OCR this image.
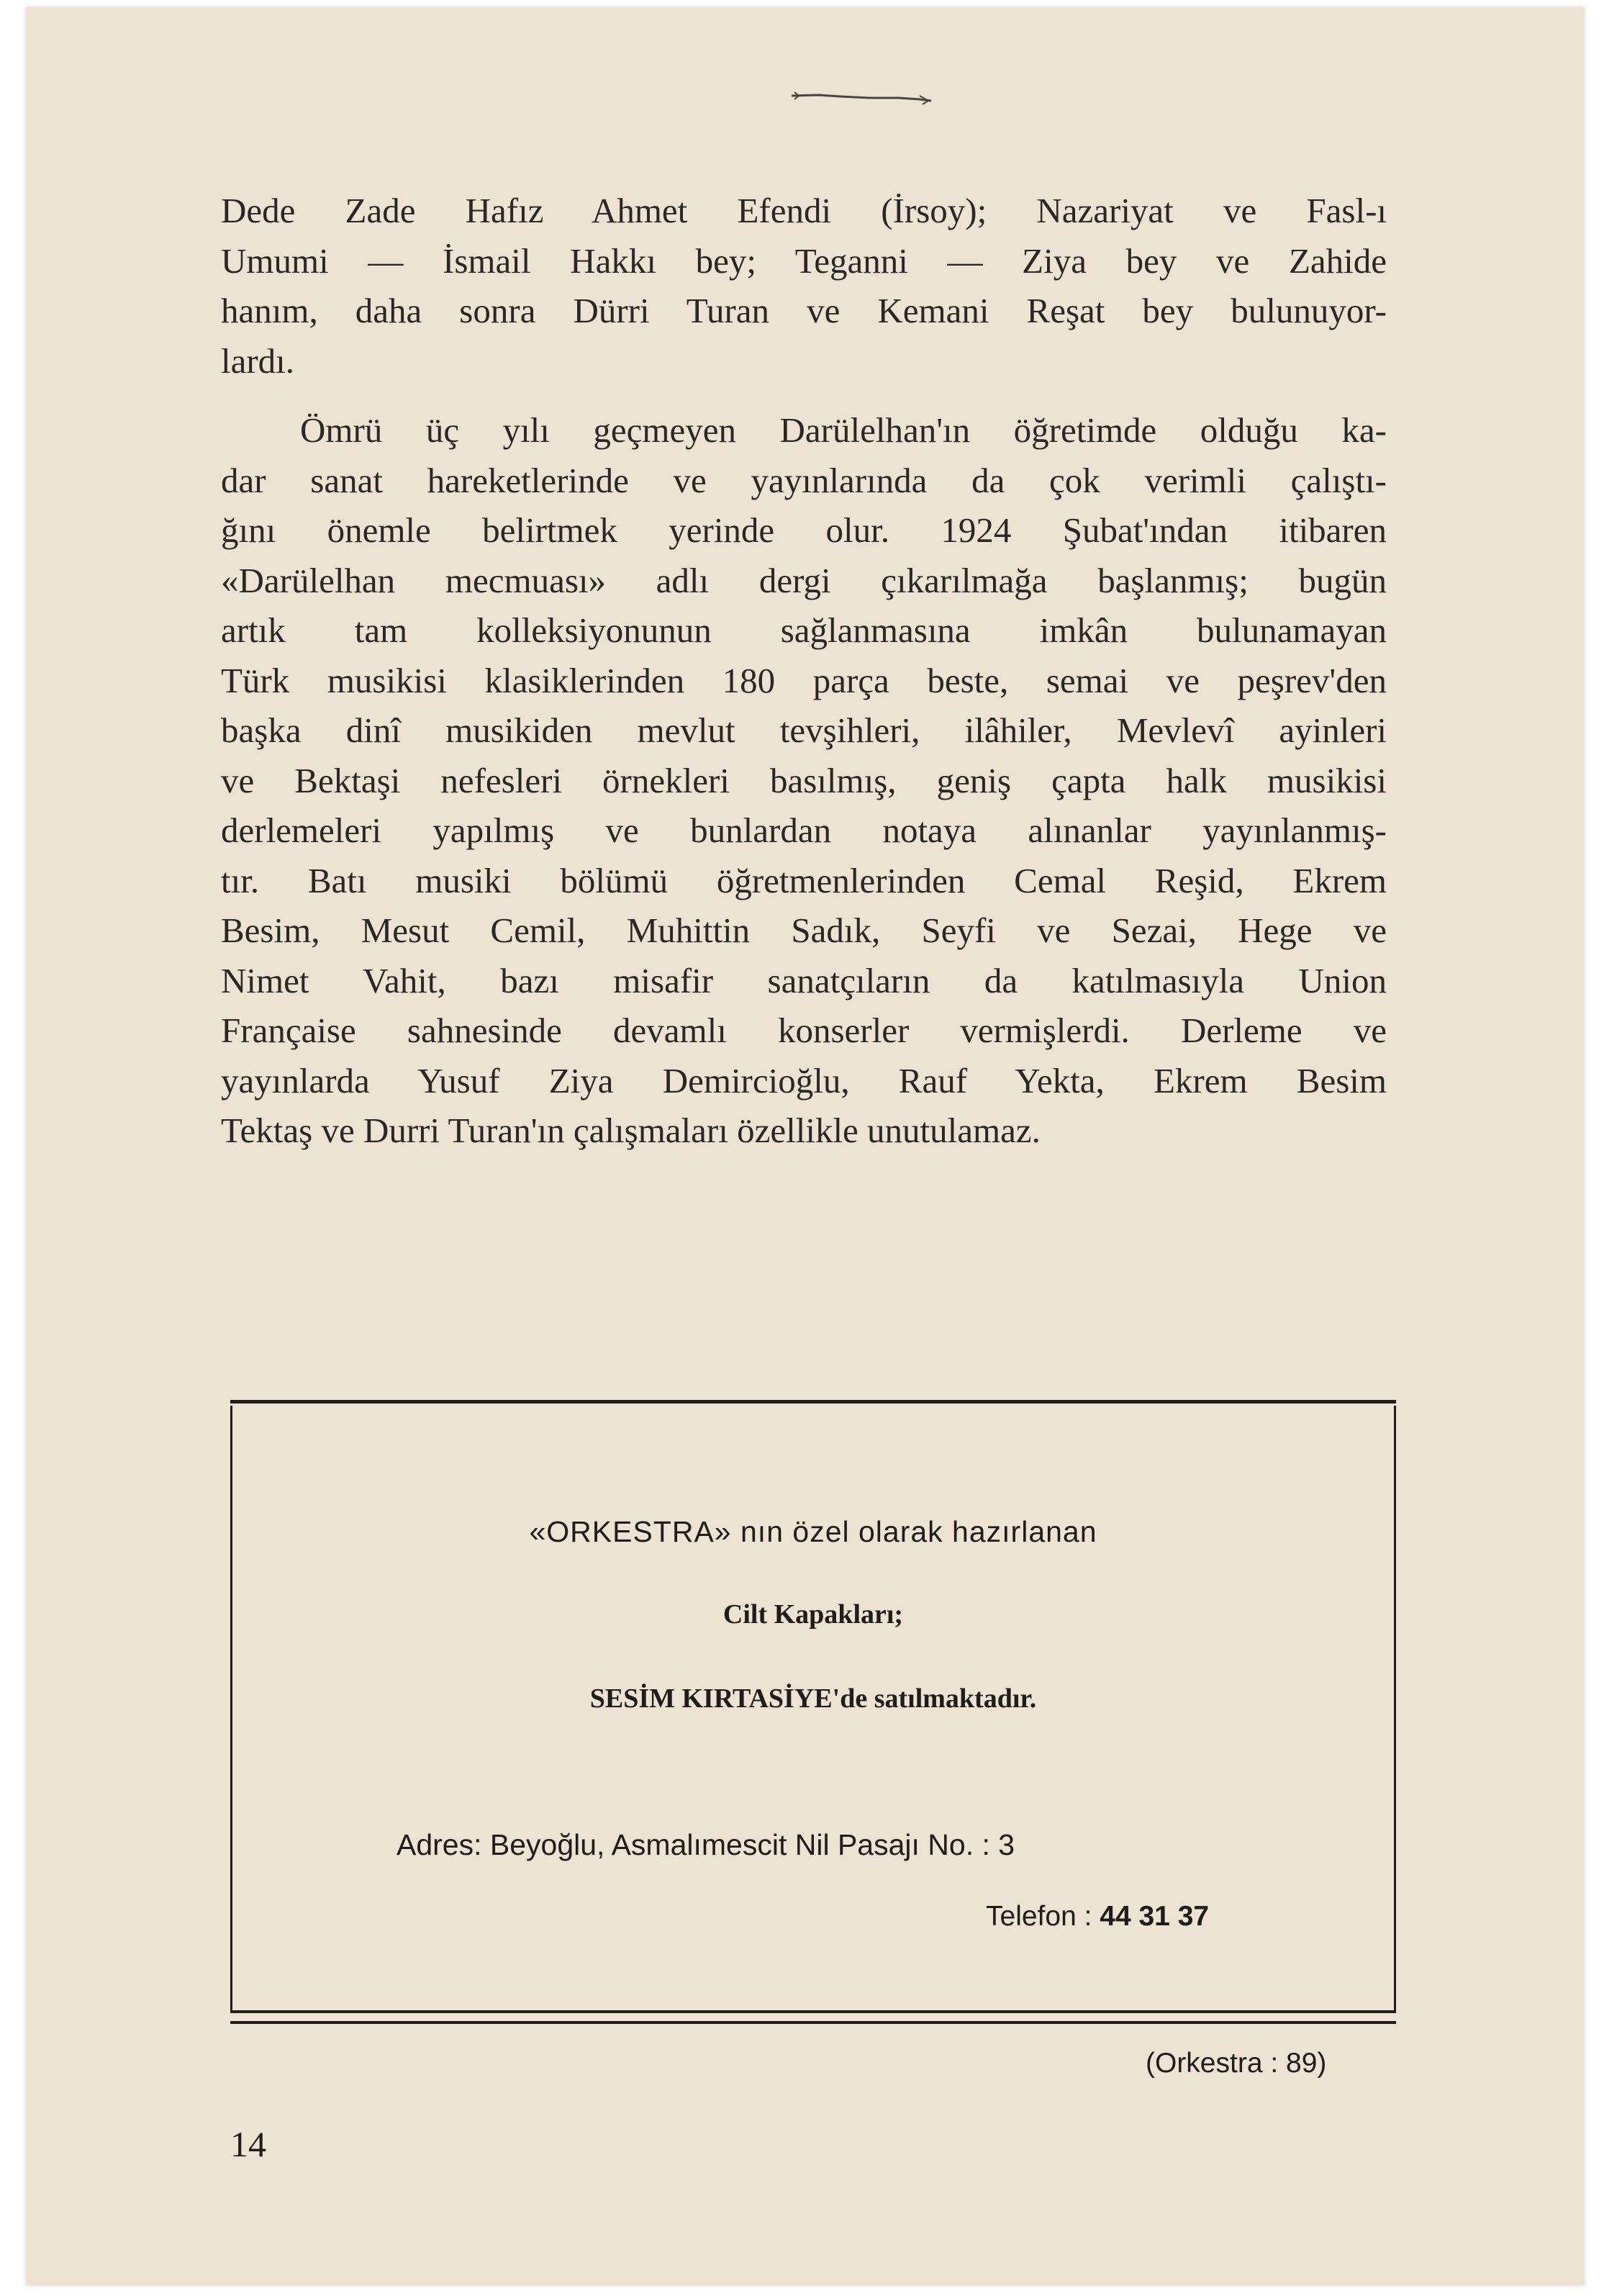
Dede Zade Hafız Ahmet Efendi (İrsoy); Nazariyat ve Fasl-ı
Umumi — İsmail Hakkı bey; Teganni — Ziya bey ve Zahide
hanım, daha sonra Dürri Turan ve Kemani Reşat bey bulunuyor-
lardı.
Ömrü üç yılı geçmeyen Darülelhan'ın öğretimde olduğu ka-
dar sanat hareketlerinde ve yayınlarında da çok verimli çalıştı-
ğını önemle belirtmek yerinde olur. 1924 Şubat'ından itibaren
«Darülelhan mecmuası» adlı dergi çıkarılmağa başlanmış; bugün
artık tam kolleksiyonunun sağlanmasına imkân bulunamayan
Türk musikisi klasiklerinden 180 parça beste, semai ve peşrev'den
başka dinî musikiden mevlut tevşihleri, ilâhiler, Mevlevî ayinleri
ve Bektaşi nefesleri örnekleri basılmış, geniş çapta halk musikisi
derlemeleri yapılmış ve bunlardan notaya alınanlar yayınlanmış-
tır. Batı musiki bölümü öğretmenlerinden Cemal Reşid, Ekrem
Besim, Mesut Cemil, Muhittin Sadık, Seyfi ve Sezai, Hege ve
Nimet Vahit, bazı misafir sanatçıların da katılmasıyla Union
Française sahnesinde devamlı konserler vermişlerdi. Derleme ve
yayınlarda Yusuf Ziya Demircioğlu, Rauf Yekta, Ekrem Besim
Tektaş ve Durri Turan'ın çalışmaları özellikle unutulamaz.
«ORKESTRA» nın özel olarak hazırlanan
Cilt Kapakları;
SESİM KIRTASİYE'de satılmaktadır.
Adres: Beyoğlu, Asmalımescit Nil Pasajı No. : 3
Telefon : 44 31 37
(Orkestra : 89)
14
